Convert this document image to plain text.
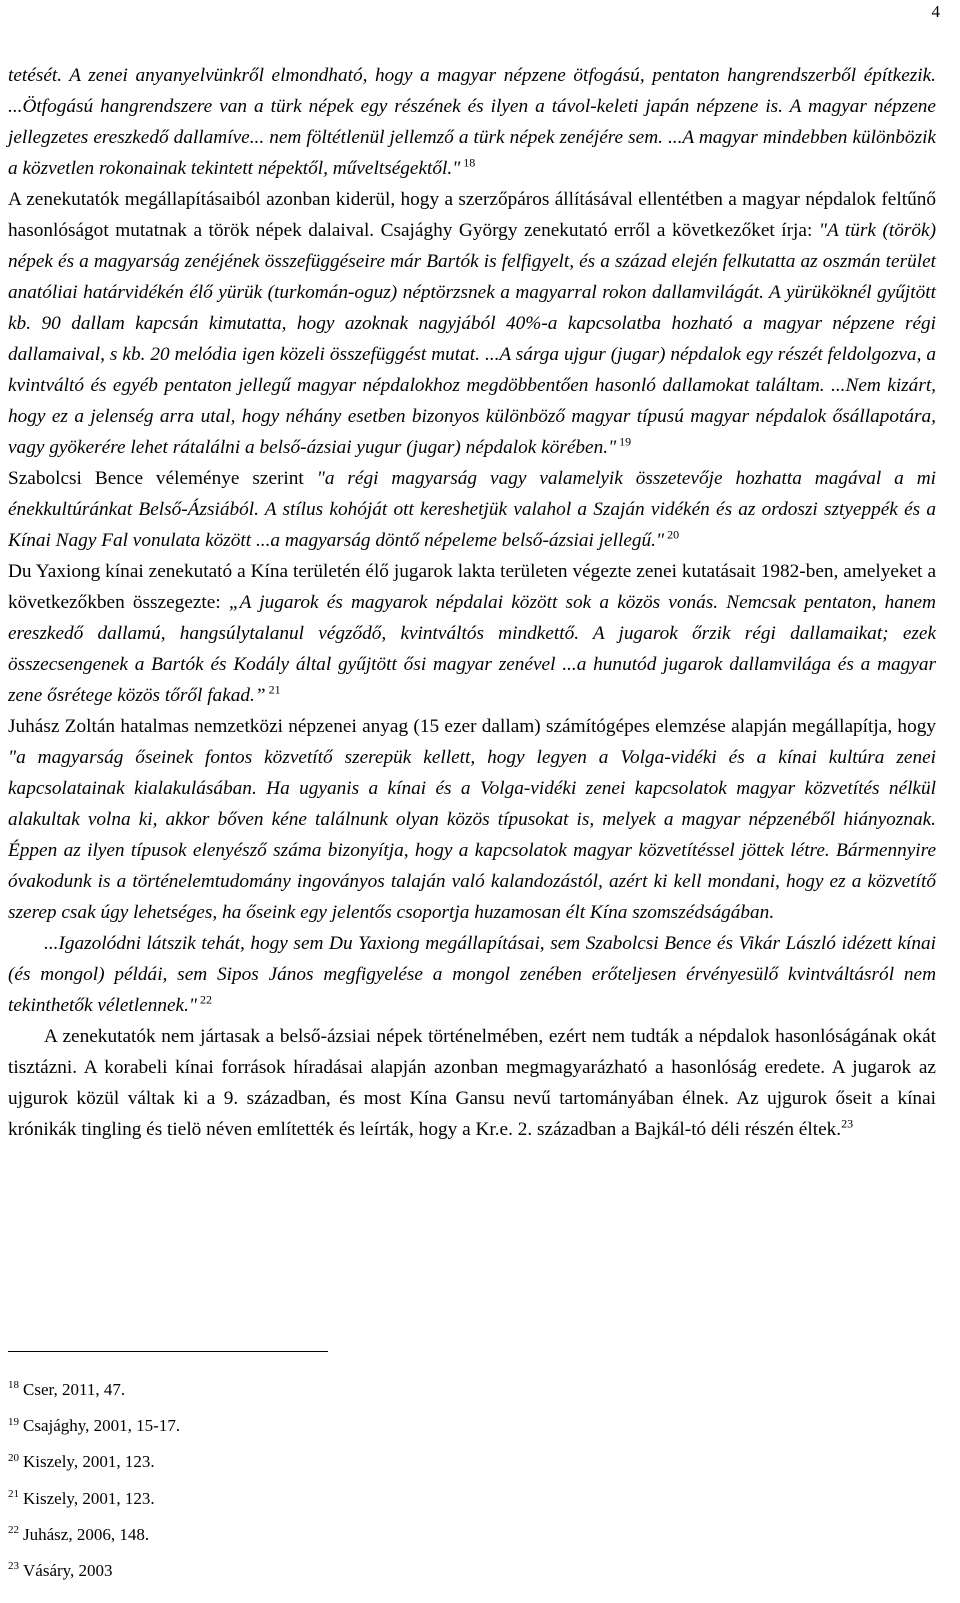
4

tetését. A zenei anyanyelvünkről elmondható, hogy a magyar népzene ötfogású, pentaton hangrendszerből építkezik. ...Ötfogású hangrendszere van a türk népek egy részének és ilyen a távol-keleti japán népzene is. A magyar népzene jellegzetes ereszkedő dallamíve... nem föltétlenül jellemző a türk népek zenéjére sem. ...A magyar mindebben különbözik a közvetlen rokonainak tekintett népektől, műveltségektől." $^{18}$

A zenekutatók megállapításaiból azonban kiderül, hogy a szerzőpáros állításával ellentétben a magyar népdalok feltűnő hasonlóságot mutatnak a török népek dalaival. Csajághy György zenekutató erről a következőket írja: "A türk (török) népek és a magyarság zenéjének összefüggéseire már Bartók is felfigyelt, és a század elején felkutatta az oszmán terület anatóliai határvidékén élő yürük (turkomán-oguz) néptörzsnek a magyarral rokon dallamvilágát. A yürüköknél gyűjtött kb. 90 dallam kapcsán kimutatta, hogy azoknak nagyjából 40%-a kapcsolatba hozható a magyar népzene régi dallamaival, s kb. 20 melódia igen közeli összefüggést mutat. ...A sárga ujgur (jugar) népdalok egy részét feldolgozva, a kvintváltó és egyéb pentaton jellegű magyar népdalokhoz megdöbbentően hasonló dallamokat találtam. ...Nem kizárt, hogy ez a jelenség arra utal, hogy néhány esetben bizonyos különböző magyar típusú magyar népdalok ősállapotára, vagy gyökerére lehet rátalálni a belső-ázsiai yugur (jugar) népdalok körében." $^{19}$

Szabolcsi Bence véleménye szerint "a régi magyarság vagy valamelyik összetevője hozhatta magával a mi énekkultúránkat Belső-Ázsiából. A stílus kohóját ott kereshetjük valahol a Szaján vidékén és az ordoszi sztyeppék és a Kínai Nagy Fal vonulata között ...a magyarság döntő népeleme belső-ázsiai jellegű." $^{20}$

Du Yaxiong kínai zenekutató a Kína területén élő jugarok lakta területen végezte zenei kutatásait 1982-ben, amelyeket a következőkben összegezte: „A jugarok és magyarok népdalai között sok a közös vonás. Nemcsak pentaton, hanem ereszkedő dallamú, hangsúlytalanul végződő, kvintváltós mindkettő. A jugarok őrzik régi dallamaikat; ezek összecsengenek a Bartók és Kodály által gyűjtött ősi magyar zenével ...a hunutód jugarok dallamvilága és a magyar zene ősrétege közös tőről fakad.” $^{21}$

Juhász Zoltán hatalmas nemzetközi népzenei anyag (15 ezer dallam) számítógépes elemzése alapján megállapítja, hogy "a magyarság őseinek fontos közvetítő szerepük kellett, hogy legyen a Volga-vidéki és a kínai kultúra zenei kapcsolatainak kialakulásában. Ha ugyanis a kínai és a Volga-vidéki zenei kapcsolatok magyar közvetítés nélkül alakultak volna ki, akkor bőven kéne találnunk olyan közös típusokat is, melyek a magyar népzenéből hiányoznak. Éppen az ilyen típusok elenyésző száma bizonyítja, hogy a kapcsolatok magyar közvetítéssel jöttek létre. Bármennyire óvakodunk is a történelemtudomány ingoványos talaján való kalandozástól, azért ki kell mondani, hogy ez a közvetítő szerep csak úgy lehetséges, ha őseink egy jelentős csoportja huzamosan élt Kína szomszédságában.

...Igazolódni látszik tehát, hogy sem Du Yaxiong megállapításai, sem Szabolcsi Bence és Vikár László idézett kínai (és mongol) példái, sem Sipos János megfigyelése a mongol zenében erőteljesen érvényesülő kvintváltásról nem tekinthetők véletlennek." $^{22}$

A zenekutatók nem jártasak a belső-ázsiai népek történelmében, ezért nem tudták a népdalok hasonlóságának okát tisztázni. A korabeli kínai források híradásai alapján azonban megmagyarázható a hasonlóság eredete. A jugarok az ujgurok közül váltak ki a 9. században, és most Kína Gansu nevű tartományában élnek. Az ujgurok őseit a kínai krónikák tingling és tielö néven említették és leírták, hogy a Kr.e. 2. században a Bajkál-tó déli részén éltek.$^{23}$

$^{18}$ Cser, 2011, 47.
$^{19}$ Csajághy, 2001, 15-17.
$^{20}$ Kiszely, 2001, 123.
$^{21}$ Kiszely, 2001, 123.
$^{22}$ Juhász, 2006, 148.
$^{23}$ Vásáry, 2003
